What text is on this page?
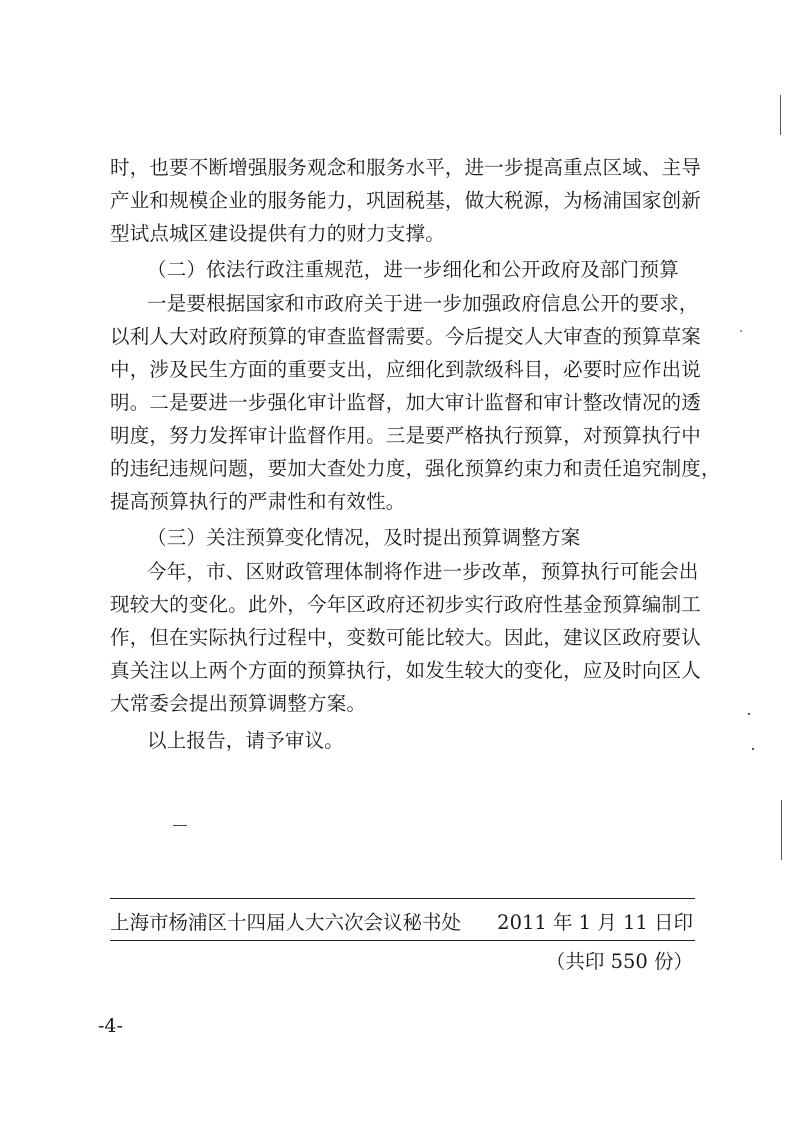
时，也要不断增强服务观念和服务水平，进一步提高重点区域、主导
产业和规模企业的服务能力，巩固税基，做大税源，为杨浦国家创新
型试点城区建设提供有力的财力支撑。
（二）依法行政注重规范，进一步细化和公开政府及部门预算
一是要根据国家和市政府关于进一步加强政府信息公开的要求，
以利人大对政府预算的审查监督需要。今后提交人大审查的预算草案
中，涉及民生方面的重要支出，应细化到款级科目，必要时应作出说
明。二是要进一步强化审计监督，加大审计监督和审计整改情况的透
明度，努力发挥审计监督作用。三是要严格执行预算，对预算执行中
的违纪违规问题，要加大查处力度，强化预算约束力和责任追究制度，
提高预算执行的严肃性和有效性。
（三）关注预算变化情况，及时提出预算调整方案
今年，市、区财政管理体制将作进一步改革，预算执行可能会出
现较大的变化。此外，今年区政府还初步实行政府性基金预算编制工
作，但在实际执行过程中，变数可能比较大。因此，建议区政府要认
真关注以上两个方面的预算执行，如发生较大的变化，应及时向区人
大常委会提出预算调整方案。
以上报告，请予审议。
上海市杨浦区十四届人大六次会议秘书处 2011 年 1 月 11 日印
（共印 550 份）
-4-
